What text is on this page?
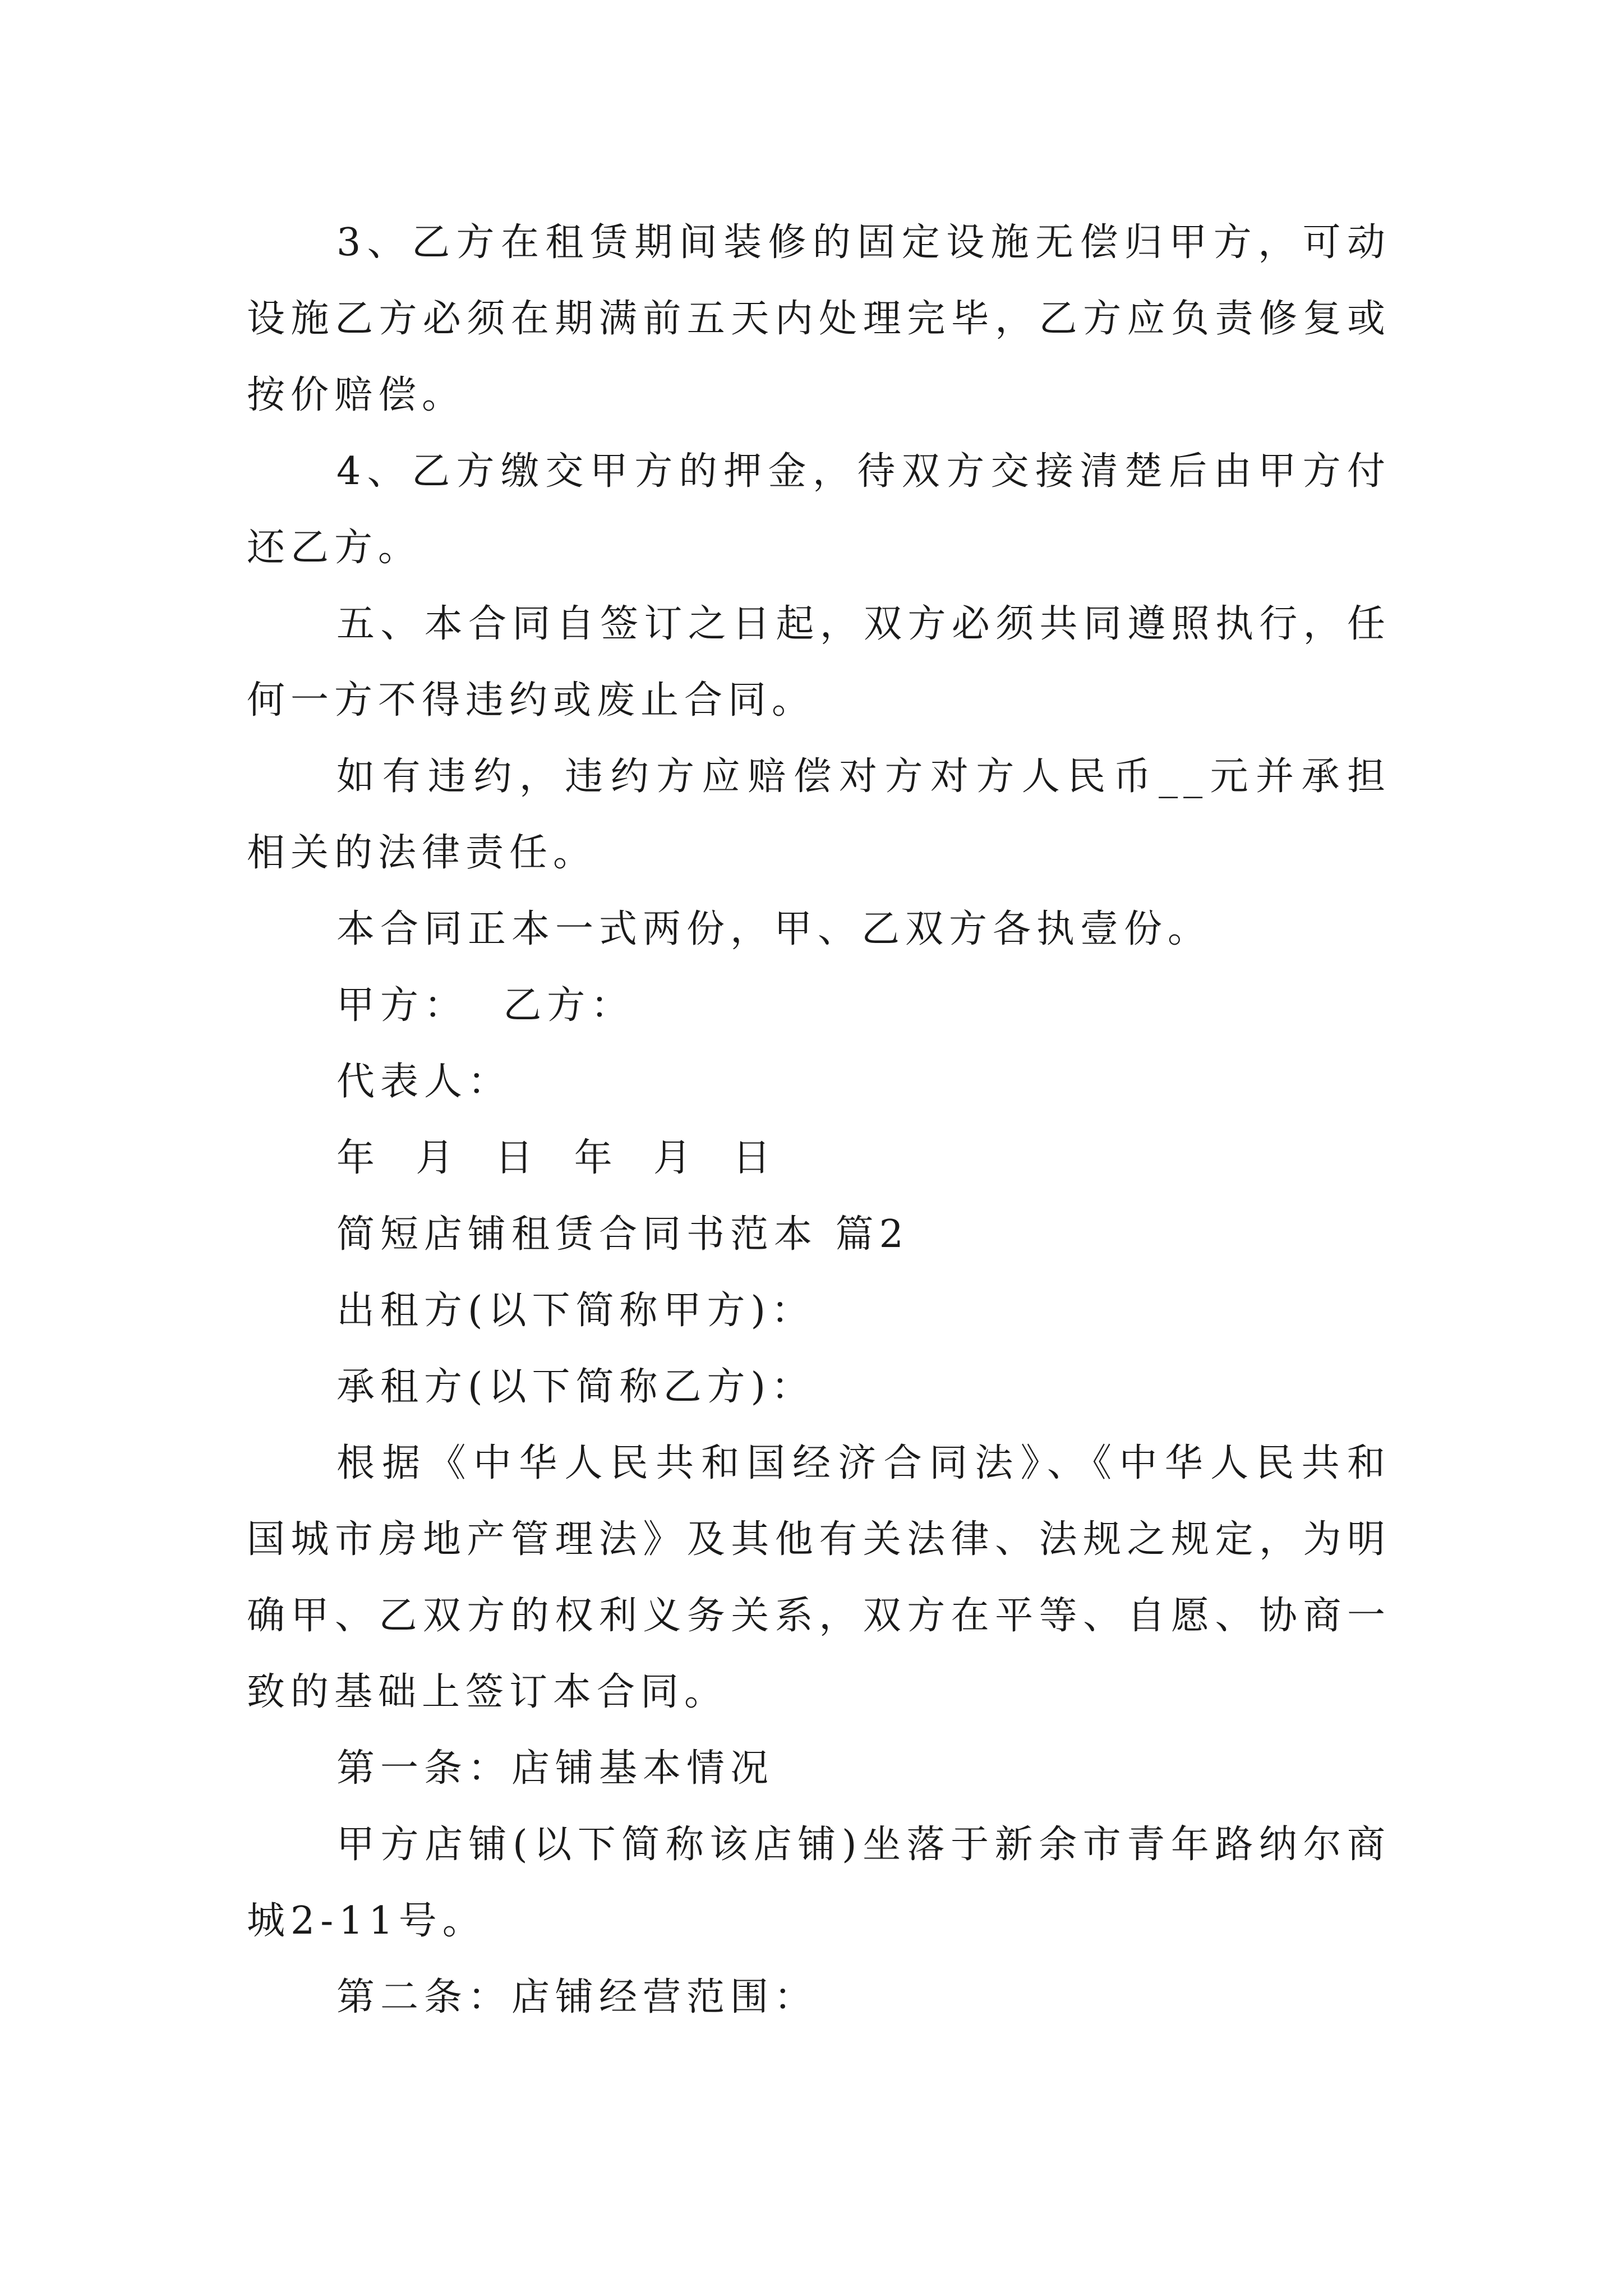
3、乙方在租赁期间装修的固定设施无偿归甲方，可动设施乙方必须在期满前五天内处理完毕，乙方应负责修复或按价赔偿。

4、乙方缴交甲方的押金，待双方交接清楚后由甲方付还乙方。

五、本合同自签订之日起，双方必须共同遵照执行，任何一方不得违约或废止合同。

如有违约，违约方应赔偿对方对方人民币__元并承担相关的法律责任。

本合同正本一式两份，甲、乙双方各执壹份。

甲方：  乙方：

代表人：

年  月  日  年  月  日

简短店铺租赁合同书范本 篇2

出租方(以下简称甲方)：

承租方(以下简称乙方)：

根据《中华人民共和国经济合同法》、《中华人民共和国城市房地产管理法》及其他有关法律、法规之规定，为明确甲、乙双方的权利义务关系，双方在平等、自愿、协商一致的基础上签订本合同。

第一条：店铺基本情况

甲方店铺(以下简称该店铺)坐落于新余市青年路纳尔商城2-11号。

第二条：店铺经营范围：
